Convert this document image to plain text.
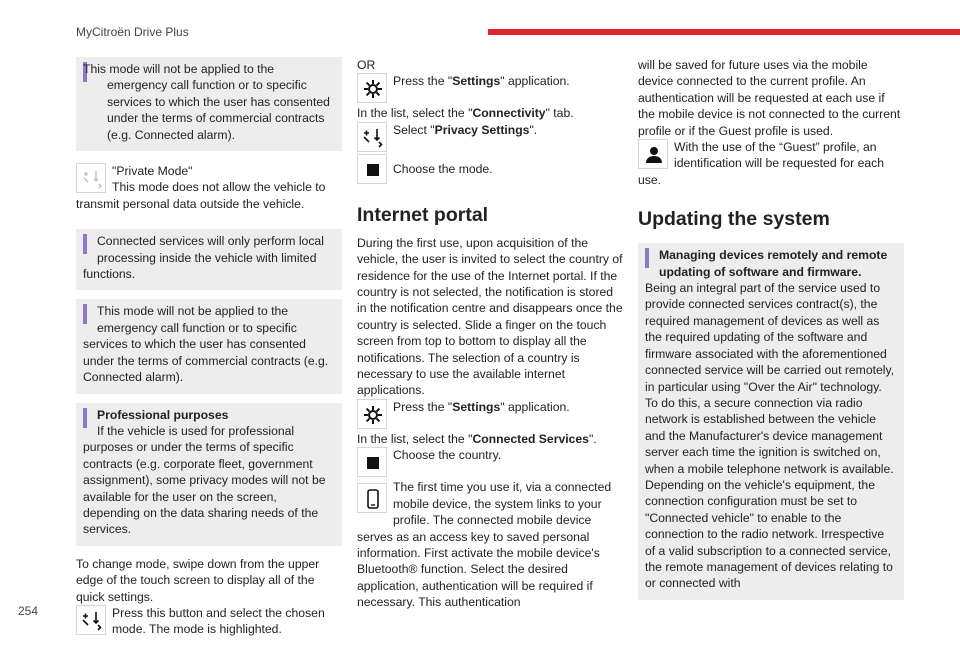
MyCitroën Drive Plus
254
This mode will not be applied to the emergency call function or to specific services to which the user has consented under the terms of commercial contracts (e.g. Connected alarm).
"Private Mode"
This mode does not allow the vehicle to transmit personal data outside the vehicle.
Connected services will only perform local processing inside the vehicle with limited functions.
This mode will not be applied to the emergency call function or to specific services to which the user has consented under the terms of commercial contracts (e.g. Connected alarm).
Professional purposes
If the vehicle is used for professional purposes or under the terms of specific contracts (e.g. corporate fleet, government assignment), some privacy modes will not be available for the user on the screen, depending on the data sharing needs of the services.
To change mode, swipe down from the upper edge of the touch screen to display all of the quick settings.
Press this button and select the chosen mode. The mode is highlighted.
OR
Press the "Settings" application.
In the list, select the "Connectivity" tab.
Select "Privacy Settings".
Choose the mode.
Internet portal
During the first use, upon acquisition of the vehicle, the user is invited to select the country of residence for the use of the Internet portal. If the country is not selected, the notification is stored in the notification centre and disappears once the country is selected. Slide a finger on the touch screen from top to bottom to display all the notifications. The selection of a country is necessary to use the available internet applications.
Press the "Settings" application.
In the list, select the "Connected Services".
Choose the country.
The first time you use it, via a connected mobile device, the system links to your profile. The connected mobile device serves as an access key to saved personal information. First activate the mobile device's Bluetooth® function. Select the desired application, authentication will be required if necessary. This authentication
will be saved for future uses via the mobile device connected to the current profile. An authentication will be requested at each use if the mobile device is not connected to the current profile or if the Guest profile is used.
With the use of the “Guest” profile, an identification will be requested for each use.
Updating the system
Managing devices remotely and remote updating of software and firmware.
Being an integral part of the service used to provide connected services contract(s), the required management of devices as well as the required updating of the software and firmware associated with the aforementioned connected service will be carried out remotely, in particular using "Over the Air" technology. To do this, a secure connection via radio network is established between the vehicle and the Manufacturer's device management server each time the ignition is switched on, when a mobile telephone network is available. Depending on the vehicle's equipment, the connection configuration must be set to "Connected vehicle" to enable to the connection to the radio network. Irrespective of a valid subscription to a connected service, the remote management of devices relating to or connected with
